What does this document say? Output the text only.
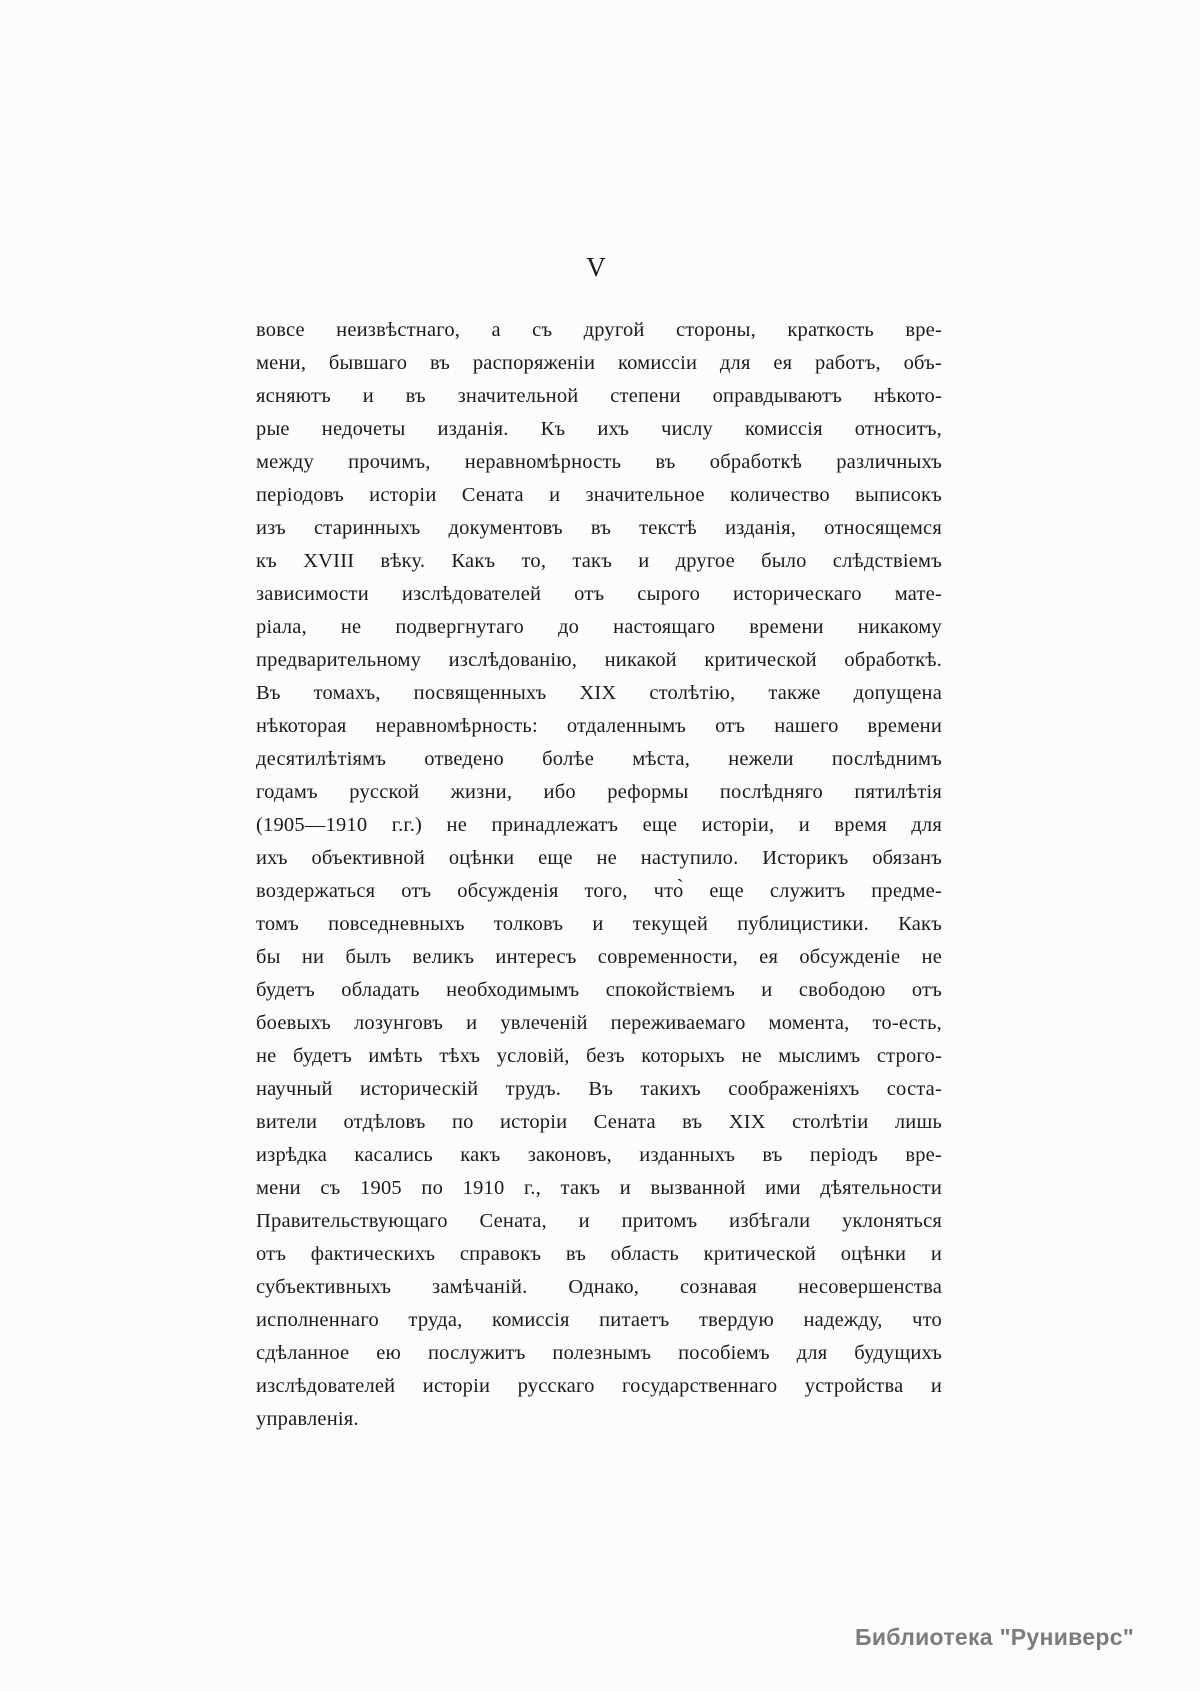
V
вовсе неизвѣстнаго, а съ другой стороны, краткость вре-
мени, бывшаго въ распоряженіи комиссіи для ея работъ, объ-
ясняютъ и въ значительной степени оправдываютъ нѣкото-
рые недочеты изданія. Къ ихъ числу комиссія относитъ,
между прочимъ, неравномѣрность въ обработкѣ различныхъ
періодовъ исторіи Сената и значительное количество выписокъ
изъ старинныхъ документовъ въ текстѣ изданія, относящемся
къ XVIII вѣку. Какъ то, такъ и другое было слѣдствіемъ
зависимости изслѣдователей отъ сырого историческаго мате-
ріала, не подвергнутаго до настоящаго времени никакому
предварительному изслѣдованію, никакой критической обработкѣ.
Въ томахъ, посвященныхъ XIX столѣтію, также допущена
нѣкоторая неравномѣрность: отдаленнымъ отъ нашего времени
десятилѣтіямъ отведено болѣе мѣста, нежели послѣднимъ
годамъ русской жизни, ибо реформы послѣдняго пятилѣтія
(1905—1910 г.г.) не принадлежатъ еще исторіи, и время для
ихъ объективной оцѣнки еще не наступило. Историкъ обязанъ
воздержаться отъ обсужденія того, что̀ еще служитъ предме-
томъ повседневныхъ толковъ и текущей публицистики. Какъ
бы ни былъ великъ интересъ современности, ея обсужденіе не
будетъ обладать необходимымъ спокойствіемъ и свободою отъ
боевыхъ лозунговъ и увлеченій переживаемаго момента, то-есть,
не будетъ имѣть тѣхъ условій, безъ которыхъ не мыслимъ строго-
научный историческій трудъ. Въ такихъ соображеніяхъ соста-
вители отдѣловъ по исторіи Сената въ XIX столѣтіи лишь
изрѣдка касались какъ законовъ, изданныхъ въ періодъ вре-
мени съ 1905 по 1910 г., такъ и вызванной ими дѣятельности
Правительствующаго Сената, и притомъ избѣгали уклоняться
отъ фактическихъ справокъ въ область критической оцѣнки и
субъективныхъ замѣчаній. Однако, сознавая несовершенства
исполненнаго труда, комиссія питаетъ твердую надежду, что
сдѣланное ею послужитъ полезнымъ пособіемъ для будущихъ
изслѣдователей исторіи русскаго государственнаго устройства и
управленія.
Библиотека "Руниверс"
